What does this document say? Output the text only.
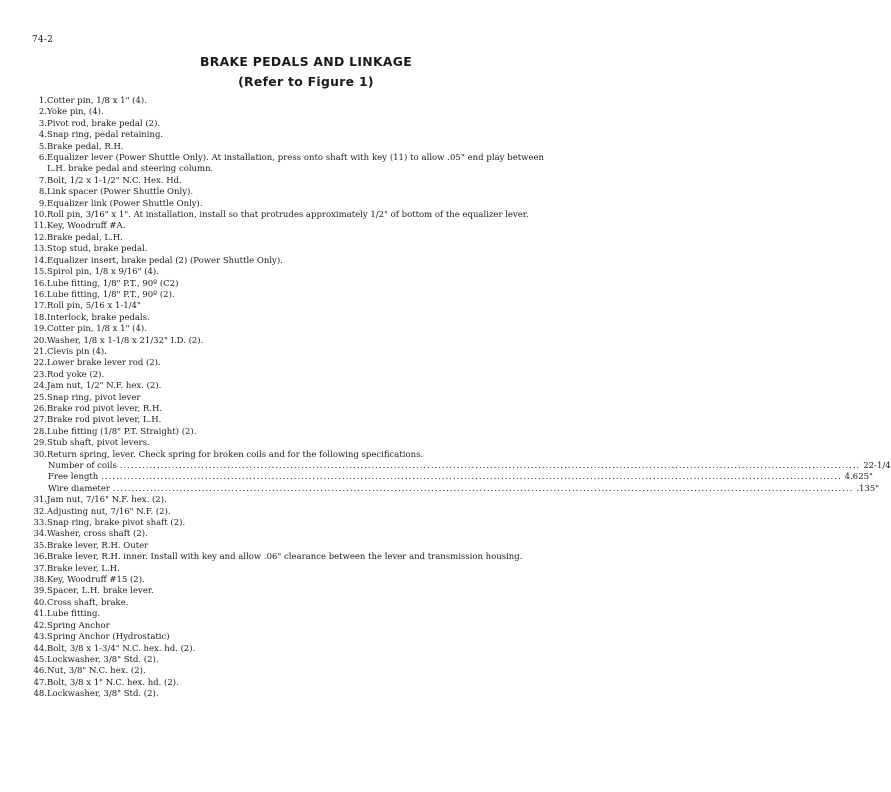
74-2
BRAKE PEDALS AND LINKAGE
(Refer to Figure 1)
1. Cotter pin, 1/8 x 1" (4).
2. Yoke pin, (4).
3. Pivot rod, brake pedal (2).
4. Snap ring, pedal retaining.
5. Brake pedal, R.H.
6. Equalizer lever (Power Shuttle Only). At installation, press onto shaft with key (11) to allow .05" end play between L.H. brake pedal and steering column.
7. Bolt, 1/2 x 1-1/2" N.C. Hex. Hd.
8. Link spacer (Power Shuttle Only).
9. Equalizer link (Power Shuttle Only).
10. Roll pin, 3/16" x 1". At installation, install so that protrudes approximately 1/2" of bottom of the equalizer lever.
11. Key, Woodruff #A.
12. Brake pedal, L.H.
13. Stop stud, brake pedal.
14. Equalizer insert, brake pedal (2) (Power Shuttle Only).
15. Spirol pin, 1/8 x 9/16" (4).
16. Lube fitting, 1/8" P.T., 90º (C2)
16. Lube fitting, 1/8" P.T., 90º (2).
17. Roll pin, 5/16 x 1-1/4"
18. Interlock, brake pedals.
19. Cotter pin, 1/8 x 1" (4).
20. Washer, 1/8 x 1-1/8 x 21/32" I.D. (2).
21. Clevis pin (4).
22. Lower brake lever rod (2).
23. Rod yoke (2).
24. Jam nut, 1/2" N.F. hex. (2).
25. Snap ring, pivot lever
26. Brake rod pivot lever, R.H.
27. Brake rod pivot lever, L.H.
28. Lube fitting (1/8" P.T. Straight) (2).
29. Stub shaft, pivot levers.
30. Return spring, lever. Check spring for broken coils and for the following specifications.
Number of coils ........................................................................................................................................................................................................ 22-1/4
Free length ........................................................................................................................................................................................................ 4.625"
Wire diameter ........................................................................................................................................................................................................ .135"
31. Jam nut, 7/16" N.F. hex. (2).
32. Adjusting nut, 7/16" N.F. (2).
33. Snap ring, brake pivot shaft (2).
34. Washer, cross shaft (2).
35. Brake lever, R.H. Outer
36. Brake lever, R.H. inner. Install with key and allow .06" clearance between the lever and transmission housing.
37. Brake lever, L.H.
38. Key, Woodruff #15 (2).
39. Spacer, L.H. brake lever.
40. Cross shaft, brake.
41. Lube fitting.
42. Spring Anchor
43. Spring Anchor (Hydrostatic)
44. Bolt, 3/8 x 1-3/4" N.C. hex. hd. (2).
45. Lockwasher, 3/8" Std. (2).
46. Nut, 3/8" N.C. hex. (2).
47. Bolt, 3/8 x 1" N.C. hex. hd. (2).
48. Lockwasher, 3/8" Std. (2).
